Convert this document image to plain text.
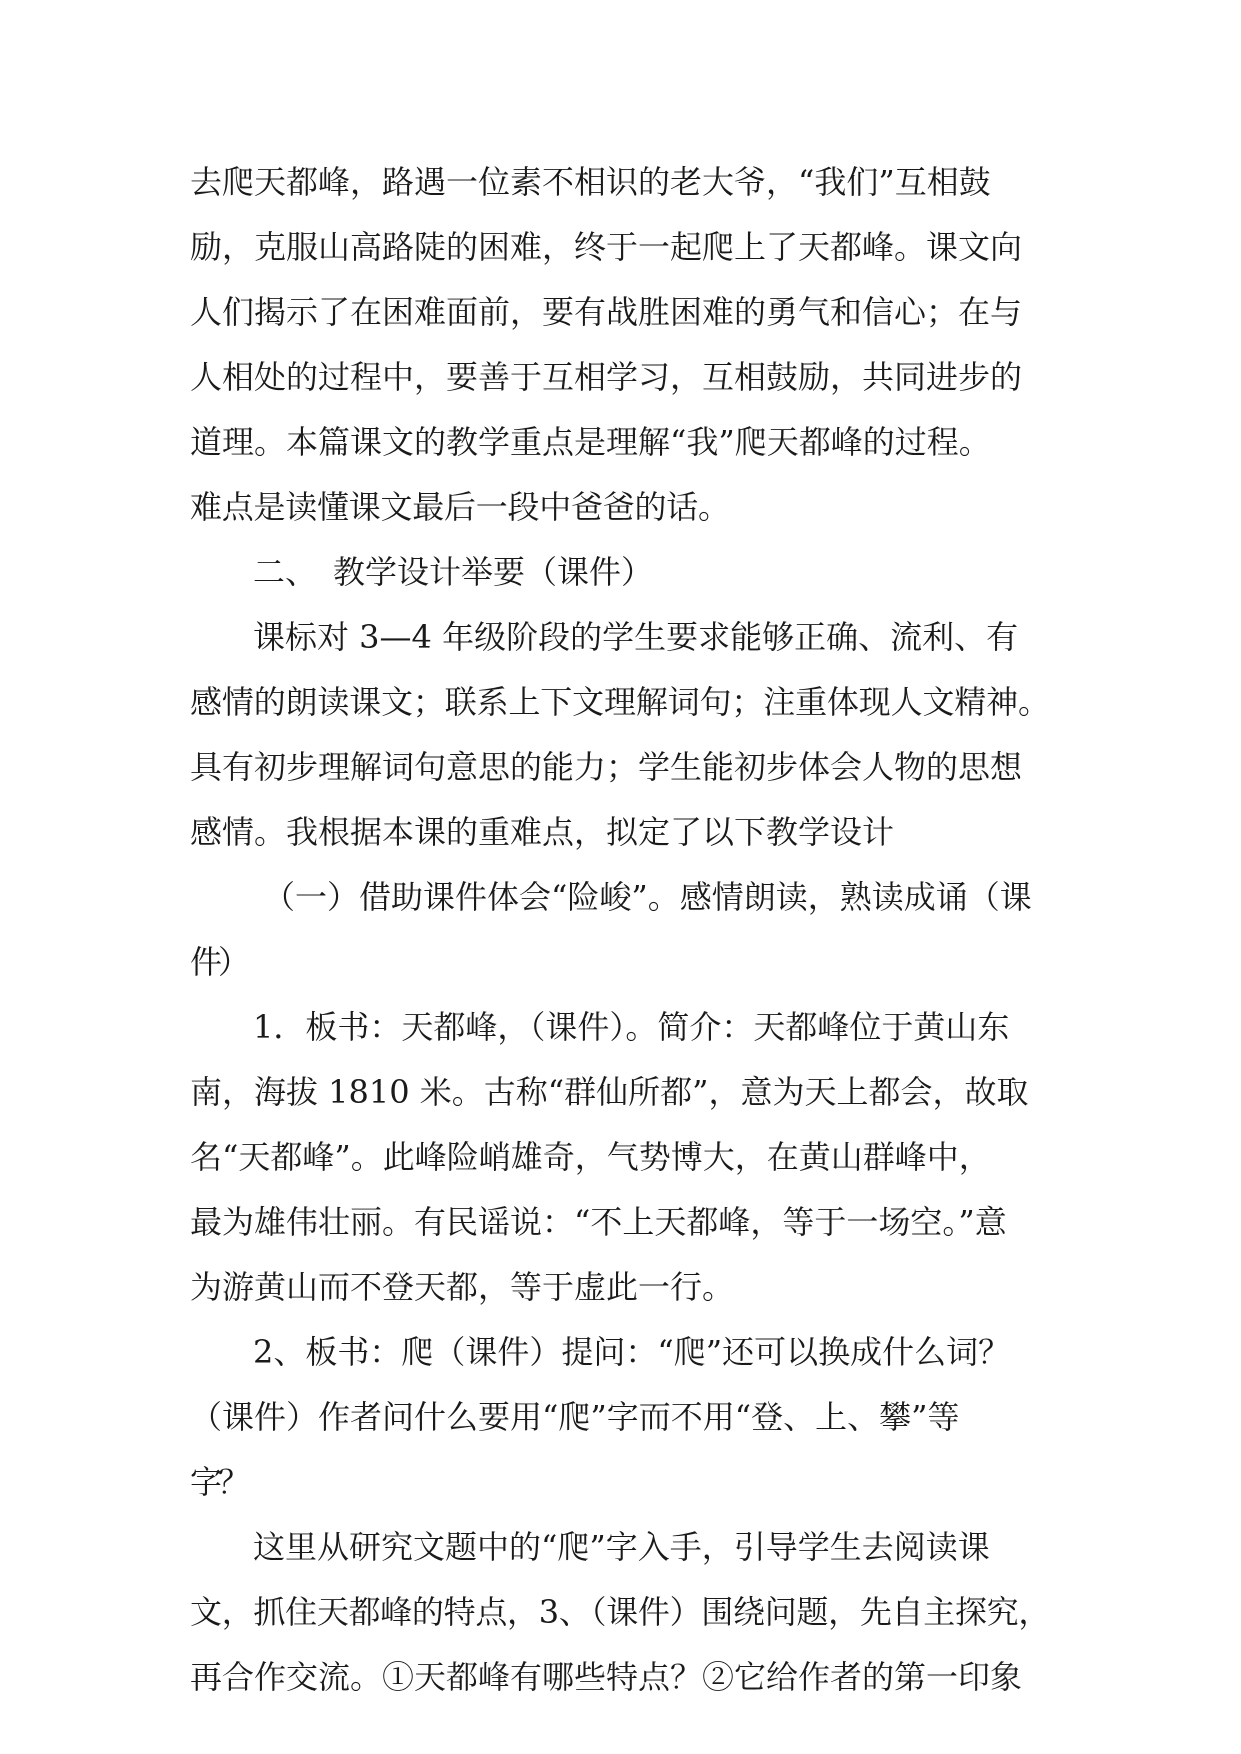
去爬天都峰，路遇一位素不相识的老大爷，“我们”互相鼓
励，克服山高路陡的困难，终于一起爬上了天都峰。课文向
人们揭示了在困难面前，要有战胜困难的勇气和信心；在与
人相处的过程中，要善于互相学习，互相鼓励，共同进步的
道理。本篇课文的教学重点是理解“我”爬天都峰的过程。
难点是读懂课文最后一段中爸爸的话。
二、　教学设计举要（课件）
课标对 3—4 年级阶段的学生要求能够正确、流利、有
感情的朗读课文；联系上下文理解词句；注重体现人文精神。
具有初步理解词句意思的能力；学生能初步体会人物的思想
感情。我根据本课的重难点，拟定了以下教学设计
（一）借助课件体会“险峻”。感情朗读，熟读成诵（课
件）
1．板书：天都峰，（课件）。简介：天都峰位于黄山东
南，海拔 1810 米。古称“群仙所都”，意为天上都会，故取
名“天都峰”。此峰险峭雄奇，气势博大，在黄山群峰中，
最为雄伟壮丽。有民谣说：“不上天都峰，等于一场空。”意
为游黄山而不登天都，等于虚此一行。
2、板书：爬（课件）提问：“爬”还可以换成什么词？
（课件）作者问什么要用“爬”字而不用“登、上、攀”等
字？
这里从研究文题中的“爬”字入手，引导学生去阅读课
文，抓住天都峰的特点，3、（课件）围绕问题，先自主探究，
再合作交流。①天都峰有哪些特点？②它给作者的第一印象
